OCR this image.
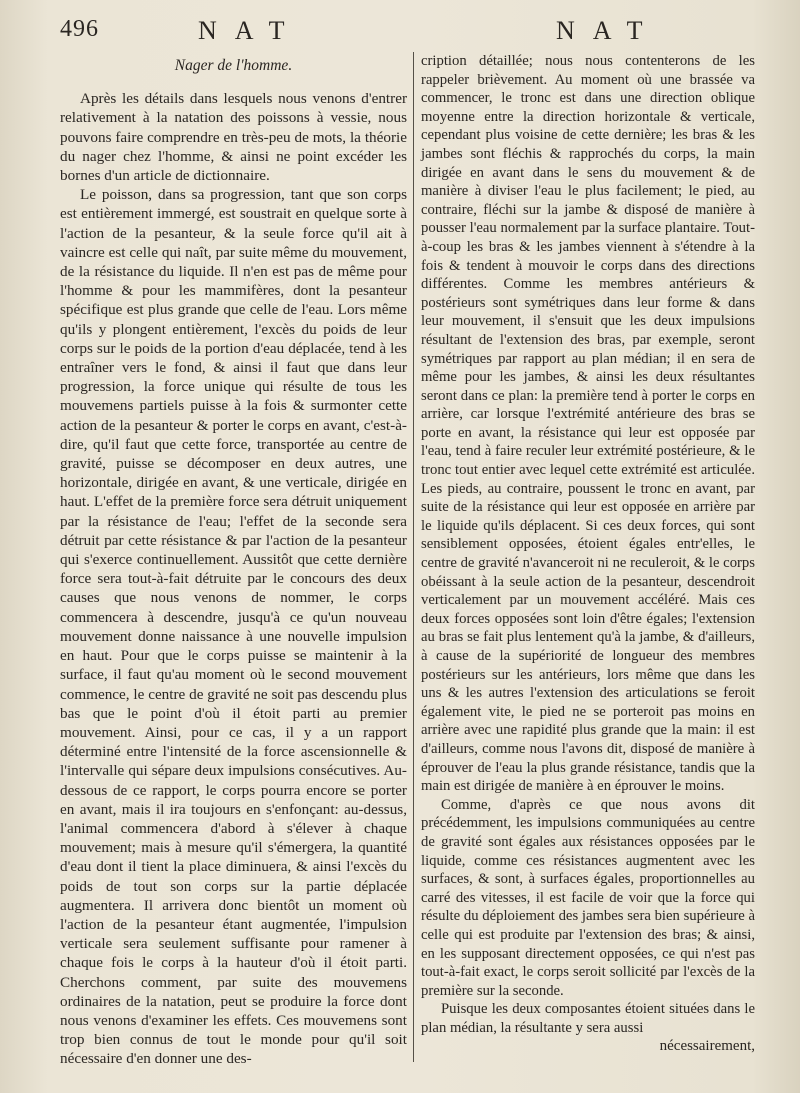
496	NAT	NAT
Nager de l'homme.

Après les détails dans lesquels nous venons d'entrer relativement à la natation des poissons à vessie, nous pouvons faire comprendre en très-peu de mots, la théorie du nager chez l'homme, & ainsi ne point excéder les bornes d'un article de dictionnaire.

Le poisson, dans sa progression, tant que son corps est entièrement immergé, est soustrait en quelque sorte à l'action de la pesanteur, & la seule force qu'il ait à vaincre est celle qui naît, par suite même du mouvement, de la résistance du liquide. Il n'en est pas de même pour l'homme & pour les mammifères, dont la pesanteur spécifique est plus grande que celle de l'eau. Lors même qu'ils y plongent entièrement, l'excès du poids de leur corps sur le poids de la portion d'eau déplacée, tend à les entraîner vers le fond, & ainsi il faut que dans leur progression, la force unique qui résulte de tous les mouvemens partiels puisse à la fois & surmonter cette action de la pesanteur & porter le corps en avant, c'est-à-dire, qu'il faut que cette force, transportée au centre de gravité, puisse se décomposer en deux autres, une horizontale, dirigée en avant, & une verticale, dirigée en haut. L'effet de la première force sera détruit uniquement par la résistance de l'eau; l'effet de la seconde sera détruit par cette résistance & par l'action de la pesanteur qui s'exerce continuellement. Aussitôt que cette dernière force sera tout-à-fait détruite par le concours des deux causes que nous venons de nommer, le corps commencera à descendre, jusqu'à ce qu'un nouveau mouvement donne naissance à une nouvelle impulsion en haut. Pour que le corps puisse se maintenir à la surface, il faut qu'au moment où le second mouvement commence, le centre de gravité ne soit pas descendu plus bas que le point d'où il étoit parti au premier mouvement. Ainsi, pour ce cas, il y a un rapport déterminé entre l'intensité de la force ascensionnelle & l'intervalle qui sépare deux impulsions consécutives. Au-dessous de ce rapport, le corps pourra encore se porter en avant, mais il ira toujours en s'enfonçant: au-dessus, l'animal commencera d'abord à s'élever à chaque mouvement; mais à mesure qu'il s'émergera, la quantité d'eau dont il tient la place diminuera, & ainsi l'excès du poids de tout son corps sur la partie déplacée augmentera. Il arrivera donc bientôt un moment où l'action de la pesanteur étant augmentée, l'impulsion verticale sera seulement suffisante pour ramener à chaque fois le corps à la hauteur d'où il étoit parti. Cherchons comment, par suite des mouvemens ordinaires de la natation, peut se produire la force dont nous venons d'examiner les effets. Ces mouvemens sont trop bien connus de tout le monde pour qu'il soit nécessaire d'en donner une des-

cription détaillée; nous nous contenterons de les rappeler brièvement. Au moment où une brassée va commencer, le tronc est dans une direction oblique moyenne entre la direction horizontale & verticale, cependant plus voisine de cette dernière; les bras & les jambes sont fléchis & rapprochés du corps, la main dirigée en avant dans le sens du mouvement & de manière à diviser l'eau le plus facilement; le pied, au contraire, fléchi sur la jambe & disposé de manière à pousser l'eau normalement par la surface plantaire. Tout-à-coup les bras & les jambes viennent à s'étendre à la fois & tendent à mouvoir le corps dans des directions différentes. Comme les membres antérieurs & postérieurs sont symétriques dans leur forme & dans leur mouvement, il s'ensuit que les deux impulsions résultant de l'extension des bras, par exemple, seront symétriques par rapport au plan médian; il en sera de même pour les jambes, & ainsi les deux résultantes seront dans ce plan: la première tend à porter le corps en arrière, car lorsque l'extrémité antérieure des bras se porte en avant, la résistance qui leur est opposée par l'eau, tend à faire reculer leur extrémité postérieure, & le tronc tout entier avec lequel cette extrémité est articulée. Les pieds, au contraire, poussent le tronc en avant, par suite de la résistance qui leur est opposée en arrière par le liquide qu'ils déplacent. Si ces deux forces, qui sont sensiblement opposées, étoient égales entr'elles, le centre de gravité n'avanceroit ni ne reculeroit, & le corps obéissant à la seule action de la pesanteur, descendroit verticalement par un mouvement accéléré. Mais ces deux forces opposées sont loin d'être égales; l'extension au bras se fait plus lentement qu'à la jambe, & d'ailleurs, à cause de la supériorité de longueur des membres postérieurs sur les antérieurs, lors même que dans les uns & les autres l'extension des articulations se feroit également vite, le pied ne se porteroit pas moins en arrière avec une rapidité plus grande que la main: il est d'ailleurs, comme nous l'avons dit, disposé de manière à éprouver de l'eau la plus grande résistance, tandis que la main est dirigée de manière à en éprouver le moins.

Comme, d'après ce que nous avons dit précédemment, les impulsions communiquées au centre de gravité sont égales aux résistances opposées par le liquide, comme ces résistances augmentent avec les surfaces, & sont, à surfaces égales, proportionnelles au carré des vitesses, il est facile de voir que la force qui résulte du déploiement des jambes sera bien supérieure à celle qui est produite par l'extension des bras; & ainsi, en les supposant directement opposées, ce qui n'est pas tout-à-fait exact, le corps seroit sollicité par l'excès de la première sur la seconde.

Puisque les deux composantes étoient situées dans le plan médian, la résultante y sera aussi

nécessairement,
